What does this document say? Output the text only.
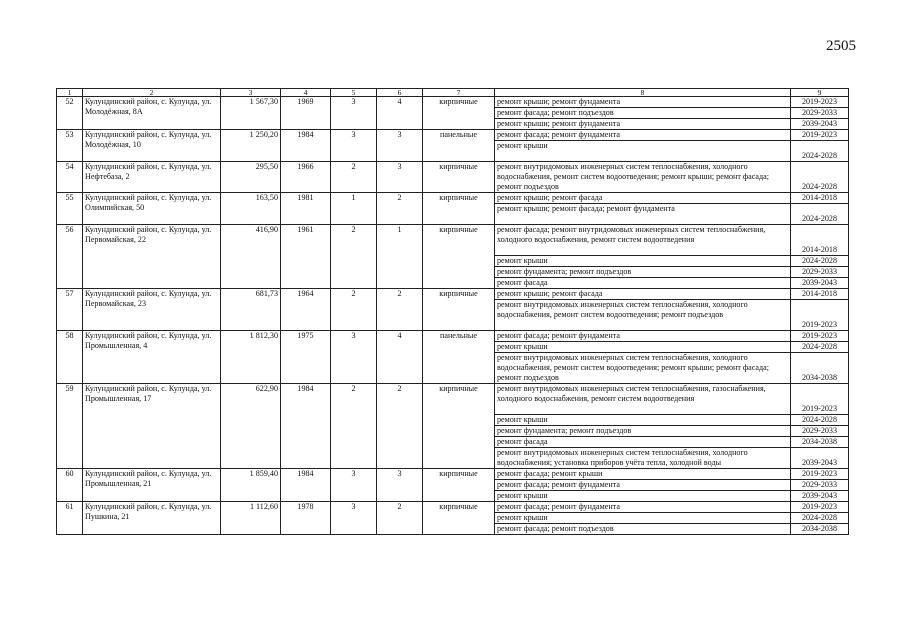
2505
1	2	3	4	5	6	7	8	9
52	Кулундинский район, с. Кулунда, ул. Молодёжная, 8А	1 567,30	1969	3	4	кирпичные	ремонт крыши; ремонт фундамента	2019-2023
							ремонт фасада; ремонт подъездов	2029-2033
							ремонт крыши; ремонт фундамента	2039-2043
53	Кулундинский район, с. Кулунда, ул. Молодёжная, 10	1 250,20	1984	3	3	панельные	ремонт фасада; ремонт фундамента	2019-2023
							ремонт крыши	2024-2028
54	Кулундинский район, с. Кулунда, ул. Нефтебаза, 2	295,50	1966	2	3	кирпичные	ремонт внутридомовых инженерных систем теплоснабжения, холодного водоснабжения, ремонт систем водоотведения; ремонт крыши; ремонт фасада; ремонт подъездов	2024-2028
55	Кулундинский район, с. Кулунда, ул. Олимпийская, 50	163,50	1981	1	2	кирпичные	ремонт крыши; ремонт фасада	2014-2018
							ремонт крыши; ремонт фасада; ремонт фундамента	2024-2028
56	Кулундинский район, с. Кулунда, ул. Первомайская, 22	416,90	1961	2	1	кирпичные	ремонт фасада; ремонт внутридомовых инженерных систем теплоснабжения, холодного водоснабжения, ремонт систем водоотведения	2014-2018
							ремонт крыши	2024-2028
							ремонт фундамента; ремонт подъездов	2029-2033
							ремонт фасада	2039-2043
57	Кулундинский район, с. Кулунда, ул. Первомайская, 23	681,73	1964	2	2	кирпичные	ремонт крыши; ремонт фасада	2014-2018
							ремонт внутридомовых инженерных систем теплоснабжения, холодного водоснабжения, ремонт систем водоотведения; ремонт подъездов	2019-2023
58	Кулундинский район, с. Кулунда, ул. Промышленная, 4	1 812,30	1975	3	4	панельные	ремонт фасада; ремонт фундамента	2019-2023
							ремонт крыши	2024-2028
							ремонт внутридомовых инженерных систем теплоснабжения, холодного водоснабжения, ремонт систем водоотведения; ремонт крыши; ремонт фасада; ремонт подъездов	2034-2038
59	Кулундинский район, с. Кулунда, ул. Промышленная, 17	622,90	1984	2	2	кирпичные	ремонт внутридомовых инженерных систем теплоснабжения, газоснабжения, холодного водоснабжения, ремонт систем водоотведения	2019-2023
							ремонт крыши	2024-2028
							ремонт фундамента; ремонт подъездов	2029-2033
							ремонт фасада	2034-2038
							ремонт внутридомовых инженерных систем теплоснабжения, холодного водоснабжения; установка приборов учёта тепла, холодной воды	2039-2043
60	Кулундинский район, с. Кулунда, ул. Промышленная, 21	1 859,40	1984	3	3	кирпичные	ремонт фасада; ремонт крыши	2019-2023
							ремонт фасада; ремонт фундамента	2029-2033
							ремонт крыши	2039-2043
61	Кулундинский район, с. Кулунда, ул. Пушкина, 21	1 112,60	1978	3	2	кирпичные	ремонт фасада; ремонт фундамента	2019-2023
							ремонт крыши	2024-2028
							ремонт фасада; ремонт подъездов	2034-2038
